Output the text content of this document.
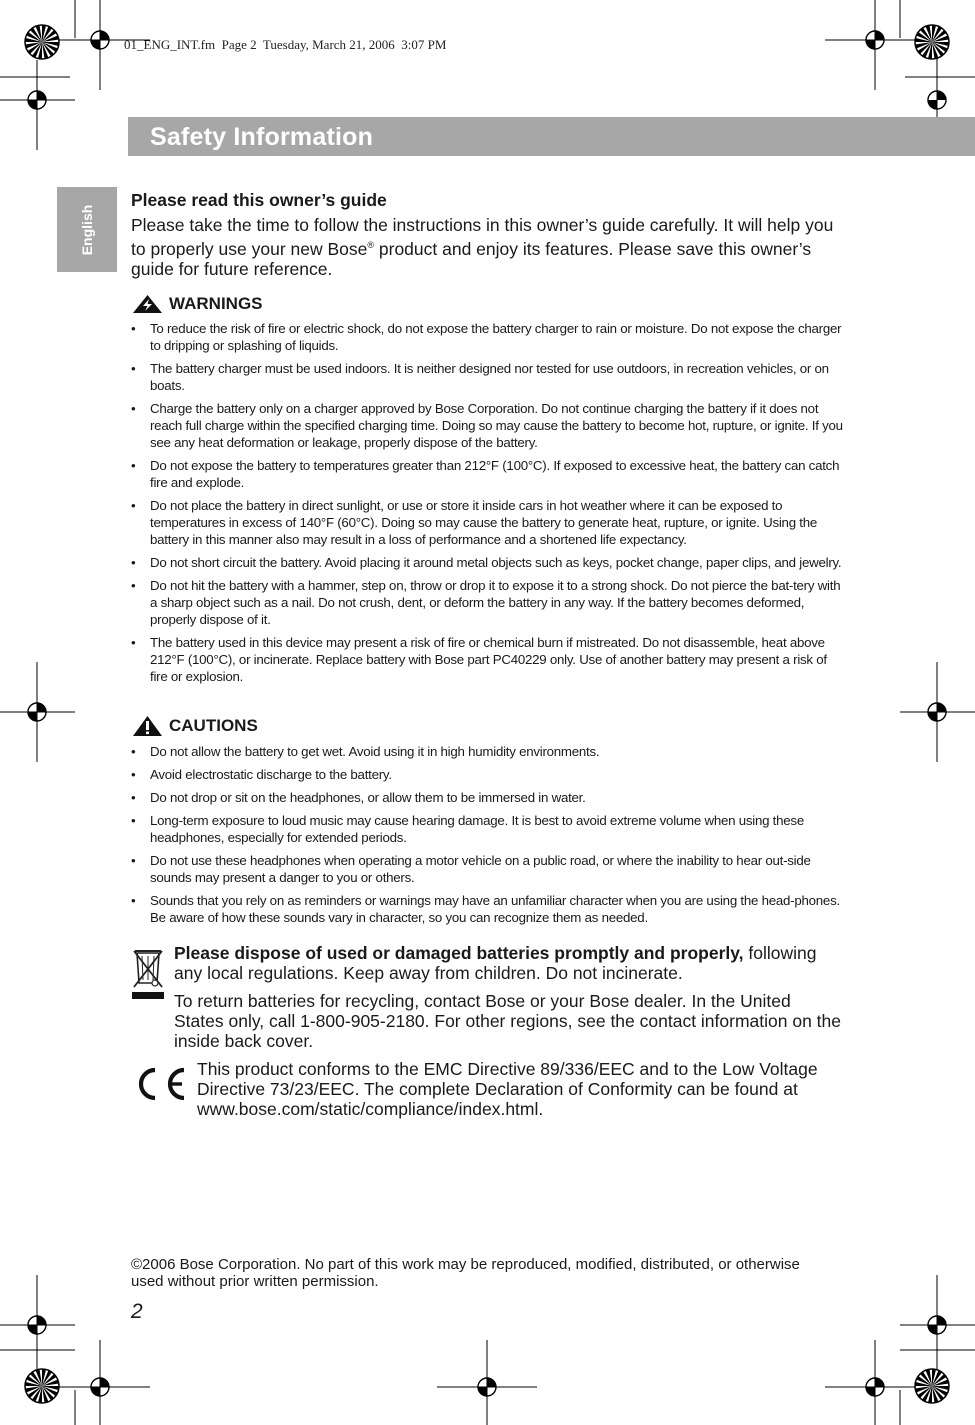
01_ENG_INT.fm  Page 2  Tuesday, March 21, 2006  3:07 PM
Safety Information
English
Please read this owner’s guide
Please take the time to follow the instructions in this owner’s guide carefully. It will help you to properly use your new Bose® product and enjoy its features. Please save this owner’s guide for future reference.
WARNINGS
• To reduce the risk of fire or electric shock, do not expose the battery charger to rain or moisture. Do not expose the charger to dripping or splashing of liquids.
• The battery charger must be used indoors. It is neither designed nor tested for use outdoors, in recreation vehicles, or on boats.
• Charge the battery only on a charger approved by Bose Corporation. Do not continue charging the battery if it does not reach full charge within the specified charging time. Doing so may cause the battery to become hot, rupture, or ignite. If you see any heat deformation or leakage, properly dispose of the battery.
• Do not expose the battery to temperatures greater than 212°F (100°C). If exposed to excessive heat, the battery can catch fire and explode.
• Do not place the battery in direct sunlight, or use or store it inside cars in hot weather where it can be exposed to temperatures in excess of 140°F (60°C). Doing so may cause the battery to generate heat, rupture, or ignite. Using the battery in this manner also may result in a loss of performance and a shortened life expectancy.
• Do not short circuit the battery. Avoid placing it around metal objects such as keys, pocket change, paper clips, and jewelry.
• Do not hit the battery with a hammer, step on, throw or drop it to expose it to a strong shock. Do not pierce the bat-tery with a sharp object such as a nail. Do not crush, dent, or deform the battery in any way. If the battery becomes deformed, properly dispose of it.
• The battery used in this device may present a risk of fire or chemical burn if mistreated. Do not disassemble, heat above 212°F (100°C), or incinerate. Replace battery with Bose part PC40229 only. Use of another battery may present a risk of fire or explosion.
CAUTIONS
• Do not allow the battery to get wet. Avoid using it in high humidity environments.
• Avoid electrostatic discharge to the battery.
• Do not drop or sit on the headphones, or allow them to be immersed in water.
• Long-term exposure to loud music may cause hearing damage. It is best to avoid extreme volume when using these headphones, especially for extended periods.
• Do not use these headphones when operating a motor vehicle on a public road, or where the inability to hear out-side sounds may present a danger to you or others.
• Sounds that you rely on as reminders or warnings may have an unfamiliar character when you are using the head-phones. Be aware of how these sounds vary in character, so you can recognize them as needed.

Please dispose of used or damaged batteries promptly and properly, following any local regulations. Keep away from children. Do not incinerate.

To return batteries for recycling, contact Bose or your Bose dealer. In the United States only, call 1-800-905-2180. For other regions, see the contact information on the inside back cover.

This product conforms to the EMC Directive 89/336/EEC and to the Low Voltage Directive 73/23/EEC. The complete Declaration of Conformity can be found at www.bose.com/static/compliance/index.html.
©2006 Bose Corporation. No part of this work may be reproduced, modified, distributed, or otherwise used without prior written permission.
2
